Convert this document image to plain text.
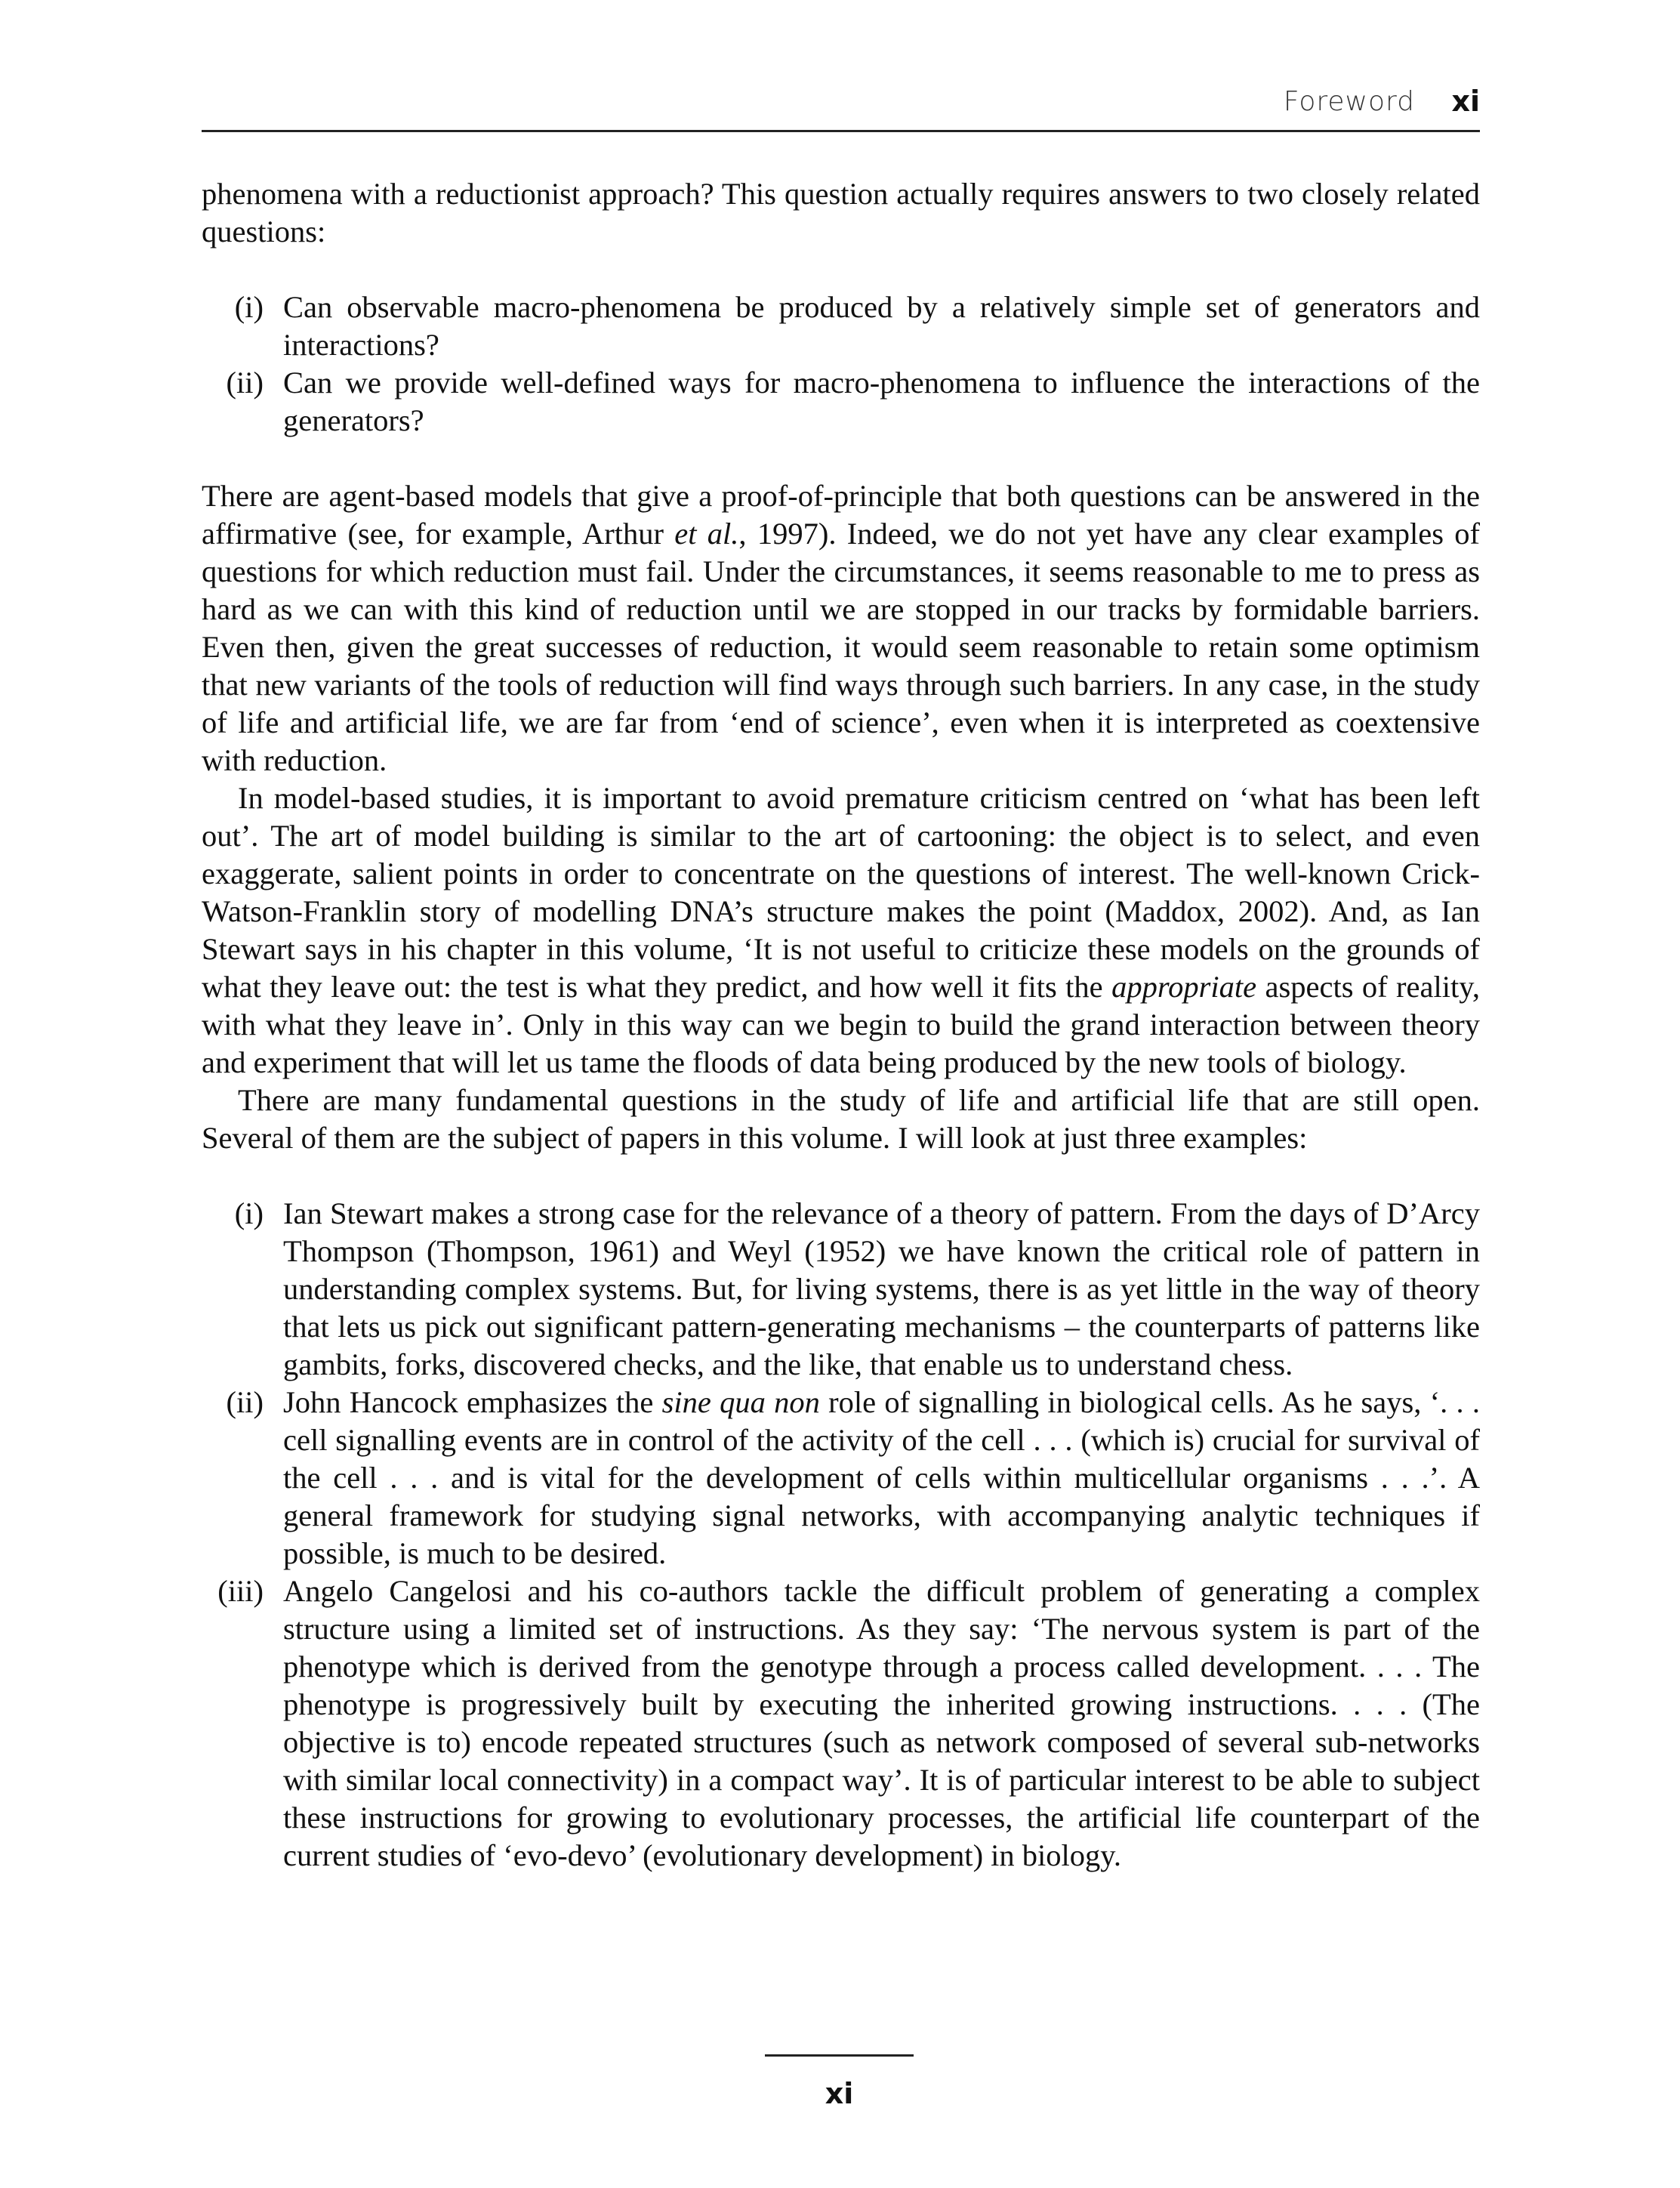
Foreword xi

phenomena with a reductionist approach? This question actually requires answers to two closely related questions:

(i) Can observable macro-phenomena be produced by a relatively simple set of generators and interactions?
(ii) Can we provide well-defined ways for macro-phenomena to influence the interactions of the generators?

There are agent-based models that give a proof-of-principle that both questions can be answered in the affirmative (see, for example, Arthur et al., 1997). Indeed, we do not yet have any clear examples of questions for which reduction must fail. Under the circumstances, it seems reasonable to me to press as hard as we can with this kind of reduction until we are stopped in our tracks by formidable barriers. Even then, given the great successes of reduction, it would seem reasonable to retain some optimism that new variants of the tools of reduction will find ways through such barriers. In any case, in the study of life and artificial life, we are far from ‘end of science’, even when it is interpreted as coextensive with reduction.

In model-based studies, it is important to avoid premature criticism centred on ‘what has been left out’. The art of model building is similar to the art of cartooning: the object is to select, and even exaggerate, salient points in order to concentrate on the questions of interest. The well-known Crick-Watson-Franklin story of modelling DNA’s structure makes the point (Maddox, 2002). And, as Ian Stewart says in his chapter in this volume, ‘It is not useful to criticize these models on the grounds of what they leave out: the test is what they predict, and how well it fits the appropriate aspects of reality, with what they leave in’. Only in this way can we begin to build the grand interaction between theory and experiment that will let us tame the floods of data being produced by the new tools of biology.

There are many fundamental questions in the study of life and artificial life that are still open. Several of them are the subject of papers in this volume. I will look at just three examples:

(i) Ian Stewart makes a strong case for the relevance of a theory of pattern. From the days of D’Arcy Thompson (Thompson, 1961) and Weyl (1952) we have known the critical role of pattern in understanding complex systems. But, for living systems, there is as yet little in the way of theory that lets us pick out significant pattern-generating mechanisms – the counterparts of patterns like gambits, forks, discovered checks, and the like, that enable us to understand chess.
(ii) John Hancock emphasizes the sine qua non role of signalling in biological cells. As he says, ‘. . . cell signalling events are in control of the activity of the cell . . . (which is) crucial for survival of the cell . . . and is vital for the development of cells within multicellular organisms . . .’. A general framework for studying signal networks, with accompanying analytic techniques if possible, is much to be desired.
(iii) Angelo Cangelosi and his co-authors tackle the difficult problem of generating a complex structure using a limited set of instructions. As they say: ‘The nervous system is part of the phenotype which is derived from the genotype through a process called development. . . . The phenotype is progressively built by executing the inherited growing instructions. . . . (The objective is to) encode repeated structures (such as network composed of several sub-networks with similar local connectivity) in a compact way’. It is of particular interest to be able to subject these instructions for growing to evolutionary processes, the artificial life counterpart of the current studies of ‘evo-devo’ (evolutionary development) in biology.
xi
